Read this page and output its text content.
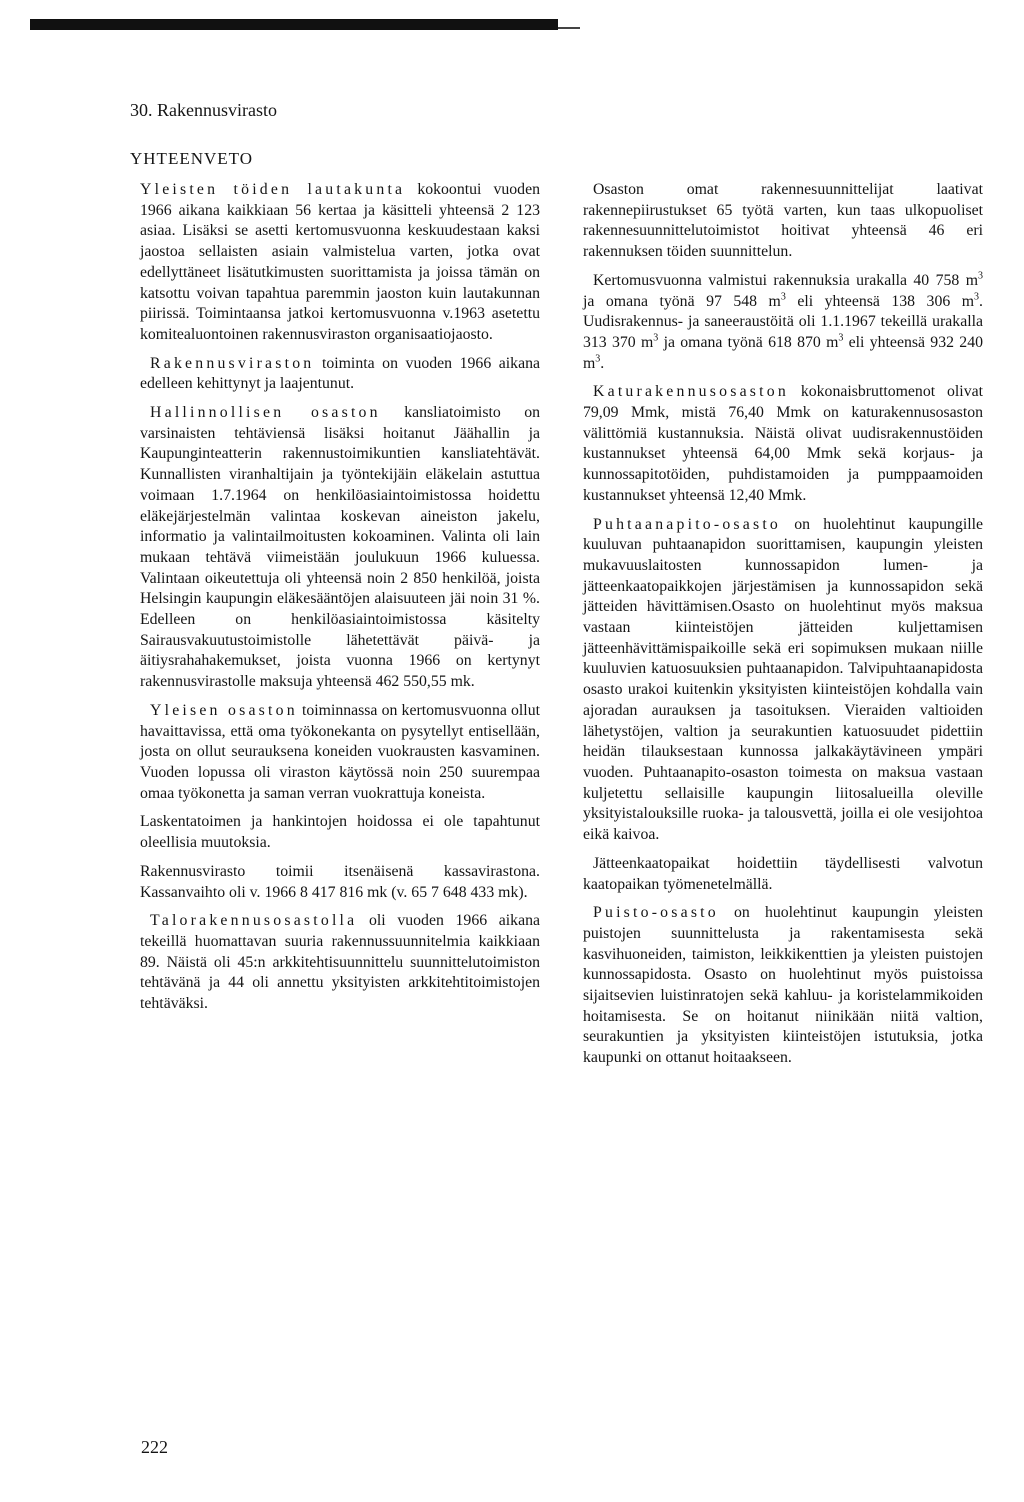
30. Rakennusvirasto
YHTEENVETO

Yleisten töiden lautakunta kokoontui vuoden 1966 aikana kaikkiaan 56 kertaa ja käsitteli yhteensä 2 123 asiaa. Lisäksi se asetti kertomusvuonna keskuudestaan kaksi jaostoa sellaisten asiain valmistelua varten, jotka ovat edellyttäneet lisätutkimusten suorittamista ja joissa tämän on katsottu voivan tapahtua paremmin jaoston kuin lautakunnan piirissä. Toimintaansa jatkoi kertomusvuonna v.1963 asetettu komitealuontoinen rakennusviraston organisaatiojaosto.

Rakennusviraston toiminta on vuoden 1966 aikana edelleen kehittynyt ja laajentunut.

Hallinnollisen osaston kansliatoimisto on varsinaisten tehtäviensä lisäksi hoitanut Jäähallin ja Kaupunginteatterin rakennustoimikuntien kansliatehtävät. Kunnallisten viranhaltijain ja työntekijäin eläkelain astuttua voimaan 1.7.1964 on henkilöasiaintoimistossa hoidettu eläkejärjestelmän valintaa koskevan aineiston jakelu, informatio ja valintailmoitusten kokoaminen. Valinta oli lain mukaan tehtävä viimeistään joulukuun 1966 kuluessa. Valintaan oikeutettuja oli yhteensä noin 2 850 henkilöä, joista Helsingin kaupungin eläkesääntöjen alaisuuteen jäi noin 31 %. Edelleen on henkilöasiaintoimistossa käsitelty Sairausvakuutustoimistolle lähetettävät päivä- ja äitiysrahahakemukset, joista vuonna 1966 on kertynyt rakennusvirastolle maksuja yhteensä 462 550,55 mk.

Yleisen osaston toiminnassa on kertomusvuonna ollut havaittavissa, että oma työkonekanta on pysytellyt entisellään, josta on ollut seurauksena koneiden vuokrausten kasvaminen. Vuoden lopussa oli viraston käytössä noin 250 suurempaa omaa työkonetta ja saman verran vuokrattuja koneista.

Laskentatoimen ja hankintojen hoidossa ei ole tapahtunut oleellisia muutoksia.

Rakennusvirasto toimii itsenäisenä kassavirastona. Kassanvaihto oli v. 1966 8 417 816 mk (v. 65 7 648 433 mk).

Talorakennusosastolla oli vuoden 1966 aikana tekeillä huomattavan suuria rakennussuunnitelmia kaikkiaan 89. Näistä oli 45:n arkkitehtisuunnittelu suunnittelutoimiston tehtävänä ja 44 oli annettu yksityisten arkkitehtitoimistojen tehtäväksi.

Osaston omat rakennesuunnittelijat laativat rakennepiirustukset 65 työtä varten, kun taas ulkopuoliset rakennesuunnittelutoimistot hoitivat yhteensä 46 eri rakennuksen töiden suunnittelun.

Kertomusvuonna valmistui rakennuksia urakalla 40 758 $m^3$ ja omana työnä 97 548 $m^3$ eli yhteensä 138 306 $m^3$. Uudisrakennus- ja saneeraustöitä oli 1.1.1967 tekeillä urakalla 313 370 $m^3$ ja omana työnä 618 870 $m^3$ eli yhteensä 932 240 $m^3$.

Katurakennusosaston kokonaisbruttomenot olivat 79,09 Mmk, mistä 76,40 Mmk on katurakennusosaston välittömiä kustannuksia. Näistä olivat uudisrakennustöiden kustannukset yhteensä 64,00 Mmk sekä korjaus- ja kunnossapitotöiden, puhdistamoiden ja pumppaamoiden kustannukset yhteensä 12,40 Mmk.

Puhtaanapito-osasto on huolehtinut kaupungille kuuluvan puhtaanapidon suorittamisen, kaupungin yleisten mukavuuslaitosten kunnossapidon lumen- ja jätteenkaatopaikkojen järjestämisen ja kunnossapidon sekä jätteiden hävittämisen.Osasto on huolehtinut myös maksua vastaan kiinteistöjen jätteiden kuljettamisen jätteenhävittämispaikoille sekä eri sopimuksen mukaan niille kuuluvien katuosuuksien puhtaanapidon. Talvipuhtaanapidosta osasto urakoi kuitenkin yksityisten kiinteistöjen kohdalla vain ajoradan aurauksen ja tasoituksen. Vieraiden valtioiden lähetystöjen, valtion ja seurakuntien katuosuudet pidettiin heidän tilauksestaan kunnossa jalkakäytävineen ympäri vuoden. Puhtaanapito-osaston toimesta on maksua vastaan kuljetettu sellaisille kaupungin liitosalueilla oleville yksityistalouksille ruoka- ja talousvettä, joilla ei ole vesijohtoa eikä kaivoa.

Jätteenkaatopaikat hoidettiin täydellisesti valvotun kaatopaikan työmenetelmällä.

Puisto-osasto on huolehtinut kaupungin yleisten puistojen suunnittelusta ja rakentamisesta sekä kasvihuoneiden, taimiston, leikkikenttien ja yleisten puistojen kunnossapidosta. Osasto on huolehtinut myös puistoissa sijaitsevien luistinratojen sekä kahluu- ja koristelammikoiden hoitamisesta. Se on hoitanut niinikään niitä valtion, seurakuntien ja yksityisten kiinteistöjen istutuksia, jotka kaupunki on ottanut hoitaakseen.

222
